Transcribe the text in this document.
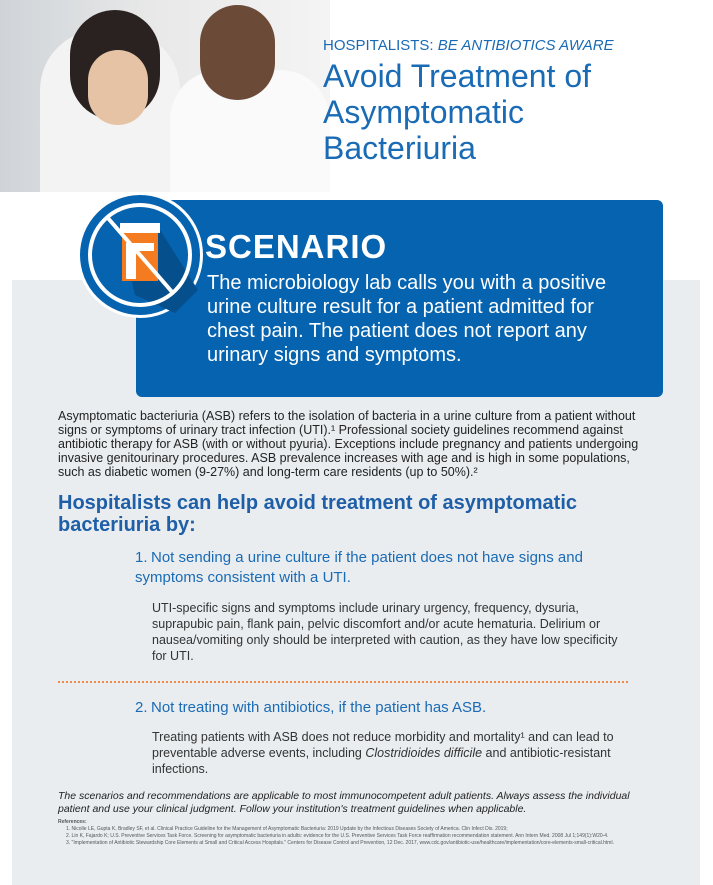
HOSPITALISTS: BE ANTIBIOTICS AWARE
Avoid Treatment of Asymptomatic Bacteriuria
SCENARIO
The microbiology lab calls you with a positive urine culture result for a patient admitted for chest pain. The patient does not report any urinary signs and symptoms.
Asymptomatic bacteriuria (ASB) refers to the isolation of bacteria in a urine culture from a patient without signs or symptoms of urinary tract infection (UTI).¹ Professional society guidelines recommend against antibiotic therapy for ASB (with or without pyuria). Exceptions include pregnancy and patients undergoing invasive genitourinary procedures. ASB prevalence increases with age and is high in some populations, such as diabetic women (9-27%) and long-term care residents (up to 50%).²
Hospitalists can help avoid treatment of asymptomatic bacteriuria by:
1. Not sending a urine culture if the patient does not have signs and symptoms consistent with a UTI.
UTI-specific signs and symptoms include urinary urgency, frequency, dysuria, suprapubic pain, flank pain, pelvic discomfort and/or acute hematuria. Delirium or nausea/vomiting only should be interpreted with caution, as they have low specificity for UTI.
2. Not treating with antibiotics, if the patient has ASB.
Treating patients with ASB does not reduce morbidity and mortality¹ and can lead to preventable adverse events, including Clostridioides difficile and antibiotic-resistant infections.
The scenarios and recommendations are applicable to most immunocompetent adult patients. Always assess the individual patient and use your clinical judgment. Follow your institution's treatment guidelines when applicable.
References:
1. Nicolle LE, Gupta K, Bradley SF, et al. Clinical Practice Guideline for the Management of Asymptomatic Bacteriuria: 2019 Update by the Infectious Diseases Society of America. Clin Infect Dis. 2019;
2. Lin K, Fajardo K; U.S. Preventive Services Task Force. Screening for asymptomatic bacteriuria in adults: evidence for the U.S. Preventive Services Task Force reaffirmation recommendation statement. Ann Intern Med. 2008 Jul 1;149(1):W20-4.
3. "Implementation of Antibiotic Stewardship Core Elements at Small and Critical Access Hospitals." Centers for Disease Control and Prevention, 12 Dec. 2017, www.cdc.gov/antibiotic-use/healthcare/implementation/core-elements-small-critical.html.
